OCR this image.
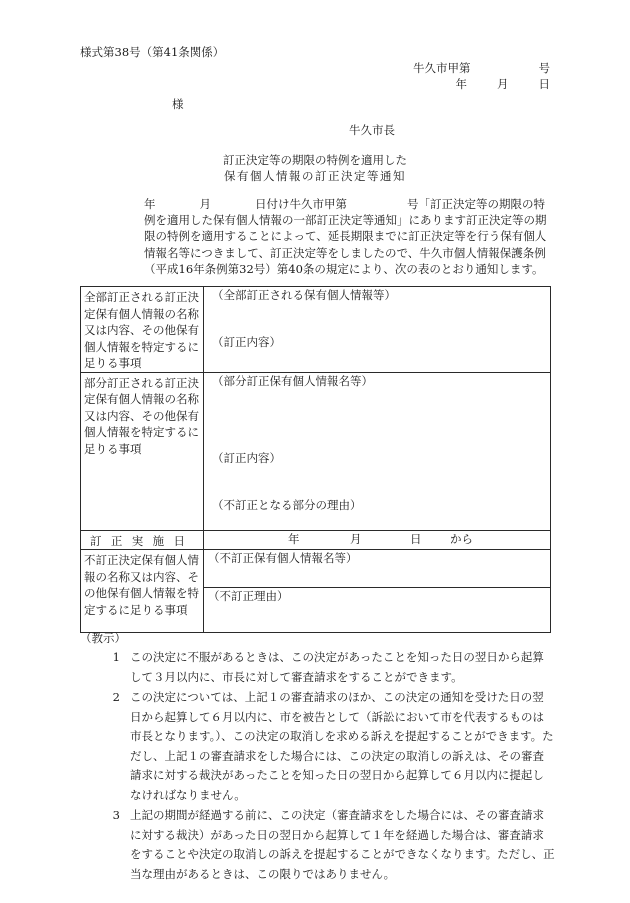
様式第38号（第41条関係）
牛久市甲第	号
年	月	日
様
牛久市長
訂正決定等の期限の特例を適用した
保有個人情報の訂正決定等通知

年	月	日付け牛久市甲第	号「訂正決定等の期限の特例を適用した保有個人情報の一部訂正決定等通知」にあります訂正決定等の期限の特例を適用することによって、延長期限までに訂正決定等を行う保有個人情報名等につきまして、訂正決定等をしましたので、牛久市個人情報保護条例（平成16年条例第32号）第40条の規定により、次の表のとおり通知します。

全部訂正される訂正決定保有個人情報の名称又は内容、その他保有個人情報を特定するに足りる事項	（全部訂正される保有個人情報等）
（訂正内容）

部分訂正される訂正決定保有個人情報の名称又は内容、その他保有個人情報を特定するに足りる事項	（部分訂正保有個人情報名等）
（訂正内容）
（不訂正となる部分の理由）

訂 正 実 施 日	年 月 日 から

不訂正決定保有個人情報の名称又は内容、その他保有個人情報を特定するに足りる事項	（不訂正保有個人情報名等）
（不訂正理由）
（教示）
1 この決定に不服があるときは、この決定があったことを知った日の翌日から起算して３月以内に、市長に対して審査請求をすることができます。
2 この決定については、上記１の審査請求のほか、この決定の通知を受けた日の翌日から起算して６月以内に、市を被告として（訴訟において市を代表するものは市長となります。）、この決定の取消しを求める訴えを提起することができます。ただし、上記１の審査請求をした場合には、この決定の取消しの訴えは、その審査請求に対する裁決があったことを知った日の翌日から起算して６月以内に提起しなければなりません。
3 上記の期間が経過する前に、この決定（審査請求をした場合には、その審査請求に対する裁決）があった日の翌日から起算して１年を経過した場合は、審査請求をすることや決定の取消しの訴えを提起することができなくなります。ただし、正当な理由があるときは、この限りではありません。
